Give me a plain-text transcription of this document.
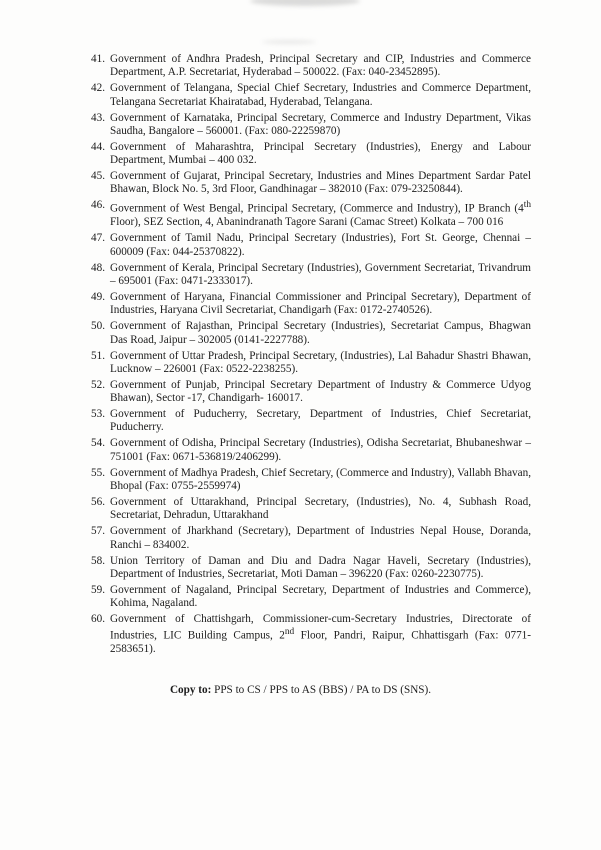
41. Government of Andhra Pradesh, Principal Secretary and CIP, Industries and Commerce Department, A.P. Secretariat, Hyderabad – 500022. (Fax: 040-23452895).
42. Government of Telangana, Special Chief Secretary, Industries and Commerce Department, Telangana Secretariat Khairatabad, Hyderabad, Telangana.
43. Government of Karnataka, Principal Secretary, Commerce and Industry Department, Vikas Saudha, Bangalore – 560001. (Fax: 080-22259870)
44. Government of Maharashtra, Principal Secretary (Industries), Energy and Labour Department, Mumbai – 400 032.
45. Government of Gujarat, Principal Secretary, Industries and Mines Department Sardar Patel Bhawan, Block No. 5, 3rd Floor, Gandhinagar – 382010 (Fax: 079-23250844).
46. Government of West Bengal, Principal Secretary, (Commerce and Industry), IP Branch (4th Floor), SEZ Section, 4, Abanindranath Tagore Sarani (Camac Street) Kolkata – 700 016
47. Government of Tamil Nadu, Principal Secretary (Industries), Fort St. George, Chennai – 600009 (Fax: 044-25370822).
48. Government of Kerala, Principal Secretary (Industries), Government Secretariat, Trivandrum – 695001 (Fax: 0471-2333017).
49. Government of Haryana, Financial Commissioner and Principal Secretary), Department of Industries, Haryana Civil Secretariat, Chandigarh (Fax: 0172-2740526).
50. Government of Rajasthan, Principal Secretary (Industries), Secretariat Campus, Bhagwan Das Road, Jaipur – 302005 (0141-2227788).
51. Government of Uttar Pradesh, Principal Secretary, (Industries), Lal Bahadur Shastri Bhawan, Lucknow – 226001 (Fax: 0522-2238255).
52. Government of Punjab, Principal Secretary Department of Industry & Commerce Udyog Bhawan), Sector -17, Chandigarh- 160017.
53. Government of Puducherry, Secretary, Department of Industries, Chief Secretariat, Puducherry.
54. Government of Odisha, Principal Secretary (Industries), Odisha Secretariat, Bhubaneshwar – 751001 (Fax: 0671-536819/2406299).
55. Government of Madhya Pradesh, Chief Secretary, (Commerce and Industry), Vallabh Bhavan, Bhopal (Fax: 0755-2559974)
56. Government of Uttarakhand, Principal Secretary, (Industries), No. 4, Subhash Road, Secretariat, Dehradun, Uttarakhand
57. Government of Jharkhand (Secretary), Department of Industries Nepal House, Doranda, Ranchi – 834002.
58. Union Territory of Daman and Diu and Dadra Nagar Haveli, Secretary (Industries), Department of Industries, Secretariat, Moti Daman – 396220 (Fax: 0260-2230775).
59. Government of Nagaland, Principal Secretary, Department of Industries and Commerce), Kohima, Nagaland.
60. Government of Chattishgarh, Commissioner-cum-Secretary Industries, Directorate of Industries, LIC Building Campus, 2nd Floor, Pandri, Raipur, Chhattisgarh (Fax: 0771-2583651).
Copy to: PPS to CS / PPS to AS (BBS) / PA to DS (SNS).
